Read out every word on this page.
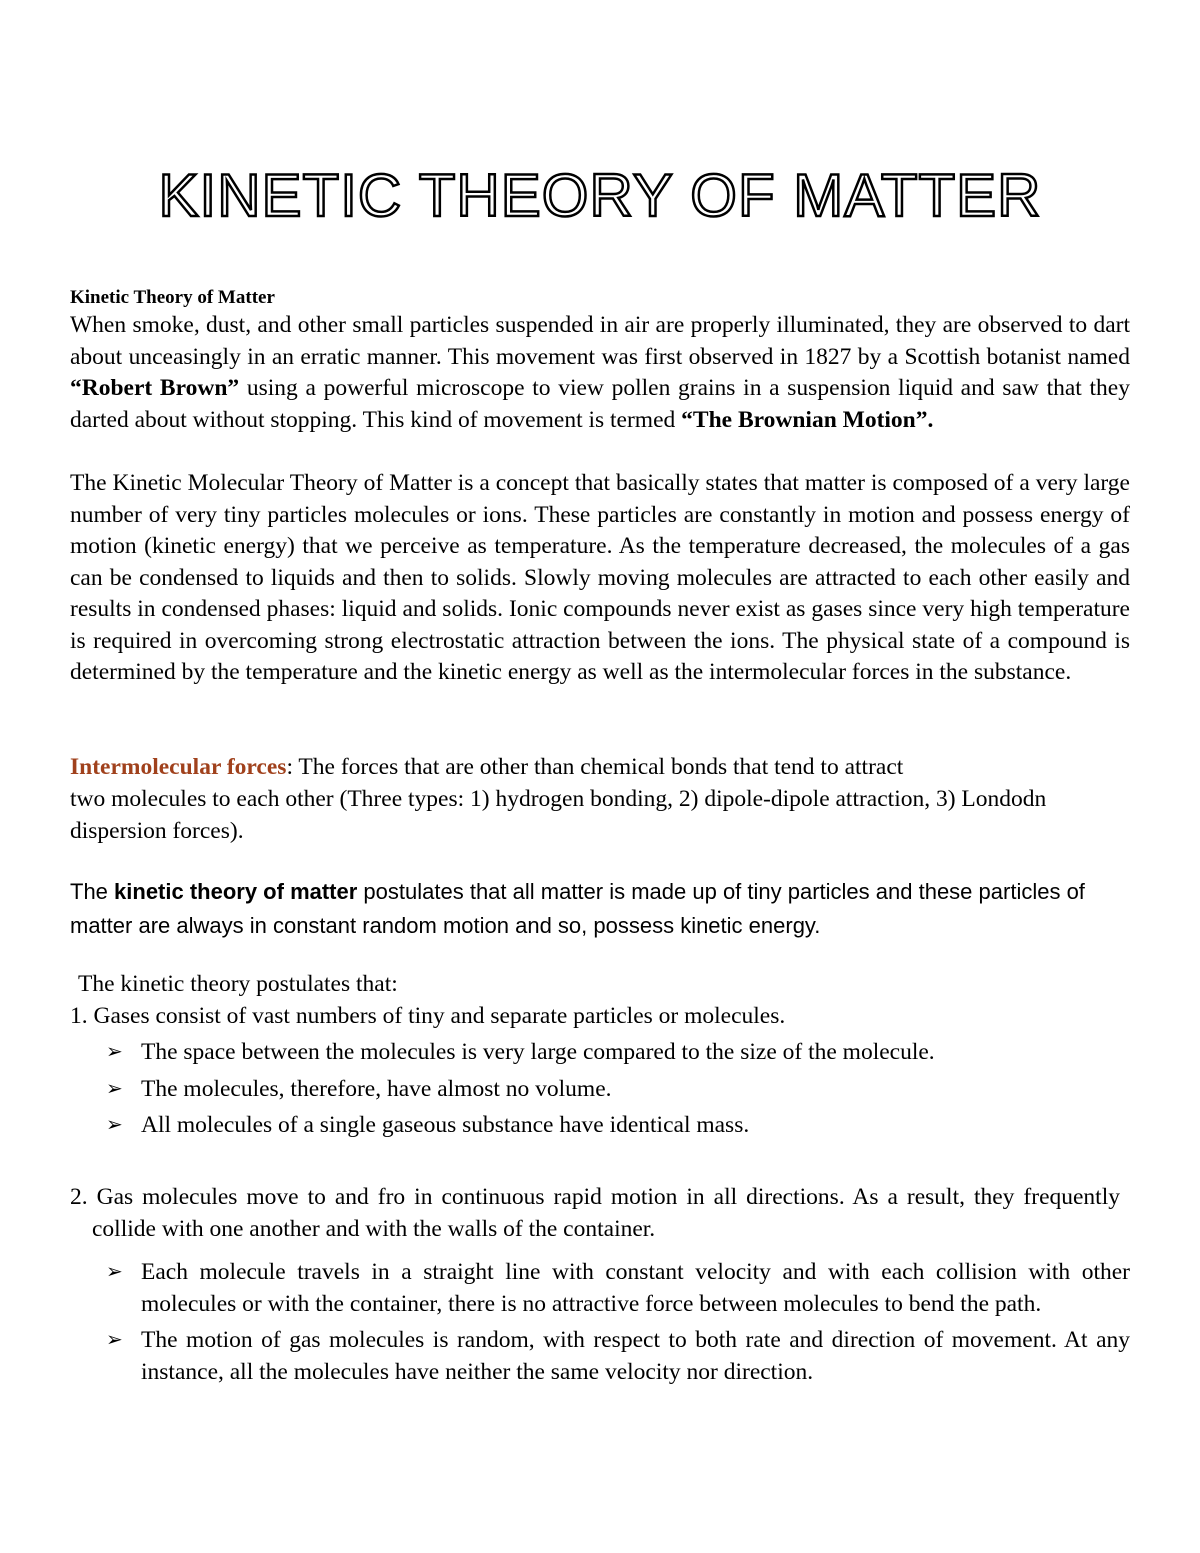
KINETIC THEORY OF MATTER
Kinetic Theory of Matter
When smoke, dust, and other small particles suspended in air are properly illuminated, they are observed to dart about unceasingly in an erratic manner. This movement was first observed in 1827 by a Scottish botanist named “Robert Brown” using a powerful microscope to view pollen grains in a suspension liquid and saw that they darted about without stopping. This kind of movement is termed “The Brownian Motion”.
The Kinetic Molecular Theory of Matter is a concept that basically states that matter is composed of a very large number of very tiny particles molecules or ions. These particles are constantly in motion and possess energy of motion (kinetic energy) that we perceive as temperature. As the temperature decreased, the molecules of a gas can be condensed to liquids and then to solids. Slowly moving molecules are attracted to each other easily and results in condensed phases: liquid and solids. Ionic compounds never exist as gases since very high temperature is required in overcoming strong electrostatic attraction between the ions. The physical state of a compound is determined by the temperature and the kinetic energy as well as the intermolecular forces in the substance.
Intermolecular forces: The forces that are other than chemical bonds that tend to attract
two molecules to each other (Three types: 1) hydrogen bonding, 2) dipole-dipole attraction, 3) Londodn dispersion forces).
The kinetic theory of matter postulates that all matter is made up of tiny particles and these particles of matter are always in constant random motion and so, possess kinetic energy.
The kinetic theory postulates that:
1. Gases consist of vast numbers of tiny and separate particles or molecules.
➢ The space between the molecules is very large compared to the size of the molecule.
➢ The molecules, therefore, have almost no volume.
➢ All molecules of a single gaseous substance have identical mass.
2. Gas molecules move to and fro in continuous rapid motion in all directions. As a result, they frequently collide with one another and with the walls of the container.
➢ Each molecule travels in a straight line with constant velocity and with each collision with other molecules or with the container, there is no attractive force between molecules to bend the path.
➢ The motion of gas molecules is random, with respect to both rate and direction of movement. At any instance, all the molecules have neither the same velocity nor direction.
